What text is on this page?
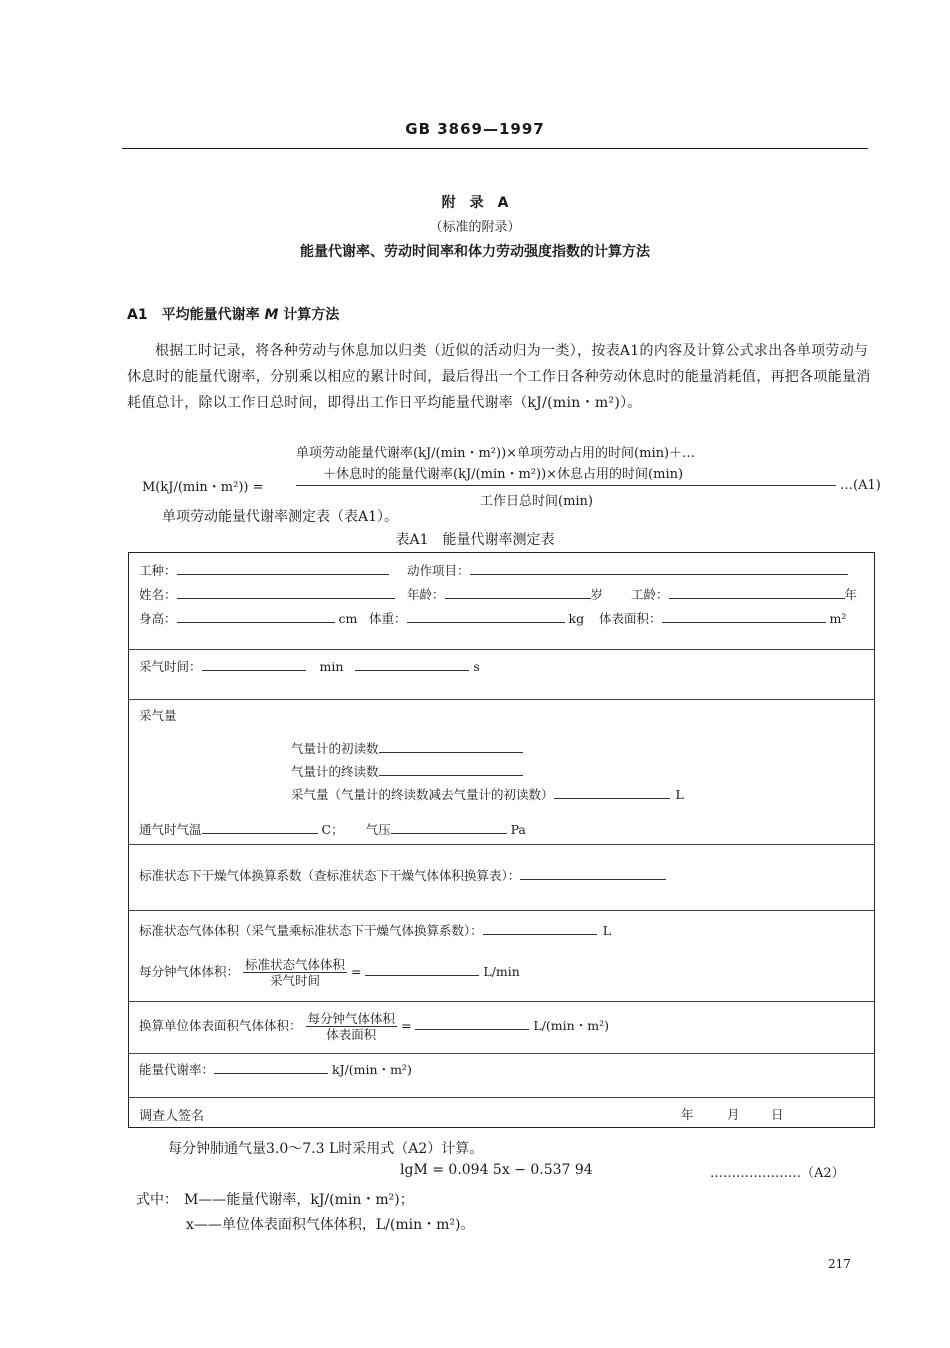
GB 3869—1997
附　录　A
（标准的附录）
能量代谢率、劳动时间率和体力劳动强度指数的计算方法
A1　平均能量代谢率 M 计算方法
根据工时记录，将各种劳动与休息加以归类（近似的活动归为一类），按表A1的内容及计算公式求出各单项劳动与休息时的能量代谢率，分别乘以相应的累计时间，最后得出一个工作日各种劳动休息时的能量消耗值，再把各项能量消耗值总计，除以工作日总时间，即得出工作日平均能量代谢率（kJ/(min・m²)）。
单项劳动能量代谢率(kJ/(min・m²))×单项劳动占用的时间(min)＋…
＋休息时的能量代谢率(kJ/(min・m²))×休息占用的时间(min)
M(kJ/(min・m²)) =
工作日总时间(min)
…(A1)
单项劳动能量代谢率测定表（表A1）。
表A1　能量代谢率测定表
工种：	动作项目：
姓名：	年龄：	岁 工龄：	年
身高：	cm 体重：	kg 体表面积：	m²
采气时间：	min	s
采气量
气量计的初读数
气量计的终读数
采气量（气量计的终读数减去气量计的初读数）	L
通气时气温	C； 气压	Pa
标准状态下干燥气体换算系数（查标准状态下干燥气体体积换算表）：
标准状态气体体积（采气量乘标准状态下干燥气体换算系数）：	L
每分钟气体体积： $\frac{\text{标准状态气体体积}}{\text{采气时间}}$ =	L/min
换算单位体表面积气体体积： $\frac{\text{每分钟气体体积}}{\text{体表面积}}$ =	L/(min・m²)
能量代谢率：	kJ/(min・m²)
调查人签名	年	月	日
每分钟肺通气量3.0～7.3 L时采用式（A2）计算。
lgM = 0.094 5x − 0.537 94	…………………（A2）
式中： M——能量代谢率，kJ/(min・m²)；
x——单位体表面积气体体积，L/(min・m²)。
217
